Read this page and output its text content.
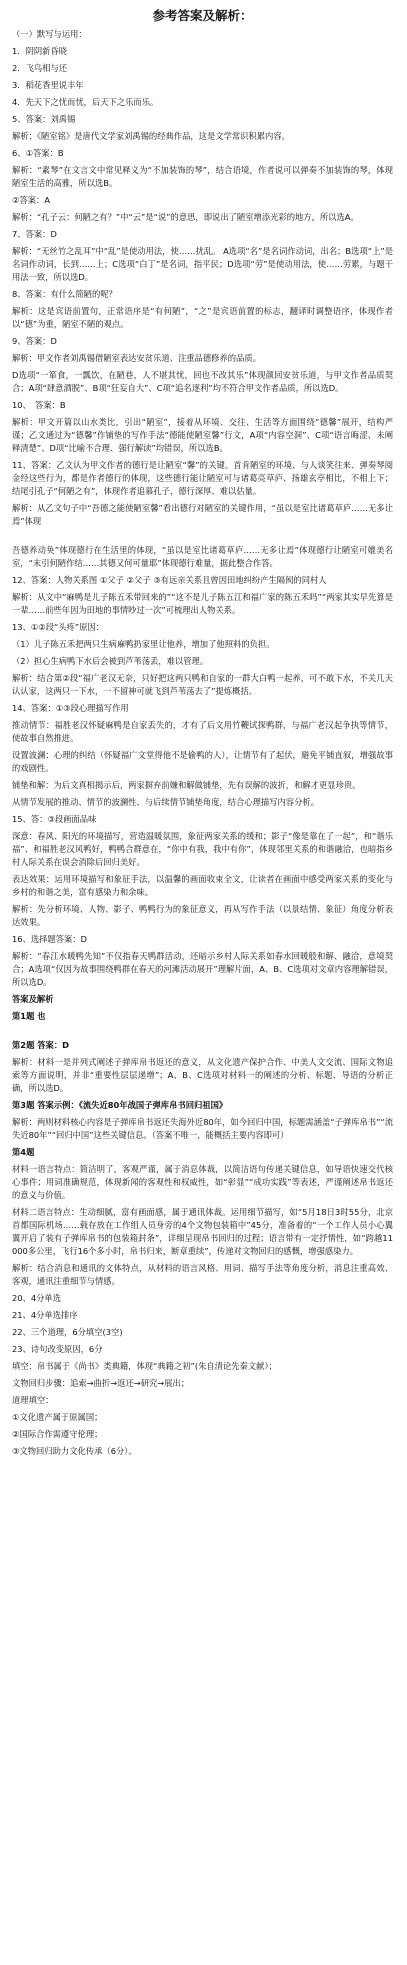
参考答案及解析：

（一）默写与运用：

1．阴阴新昏晓

2．飞鸟相与还

3．稻花香里说丰年

4．先天下之忧而忧，后天下之乐而乐。

5、答案：刘禹锡

解析：《陋室铭》是唐代文学家刘禹锡的经典作品，这是文学常识积累内容。

6、①答案：B

解析：“素琴”在文言文中常见释义为“不加装饰的琴”，结合语境，作者说可以弹奏不加装饰的琴，体现陋室生活的高雅，所以选B。

②答案：A

解析：“孔子云：何陋之有？”中“云”是“说”的意思，即说出了陋室增添光彩的地方，所以选A。

7、答案：D

解析：“无丝竹之乱耳”中“乱”是使动用法，使……扰乱。 A选项“名”是名词作动词，出名；B选项“上”是名词作动词，长到……上；C选项“白丁”是名词，指平民；D选项“劳”是使动用法，使……劳累，与题干用法一致，所以选D。

8、答案：有什么简陋的呢？

解析：这是宾语前置句，正常语序是“有何陋”，“之”是宾语前置的标志，翻译时调整语序，体现作者以“德”为重，陋室不陋的观点。

9、答案：D

解析：甲文作者刘禹锡借陋室表达安贫乐道、注重品德修养的品质。

D选项“一箪食，一瓢饮，在陋巷，人不堪其忧，回也不改其乐”体现颜回安贫乐道，与甲文作者品质契合；A项“肆意酒脱”、B项“狂妄自大”、C项“追名逐利”均不符合甲文作者品质，所以选D。

10、　答案：B

解析：甲文开篇以山水类比，引出“陋室”，接着从环境、交往、生活等方面围绕“德馨”展开，结构严谨；乙文通过为“德馨”作铺垫的写作手法“德能使陋室馨”行文，A项“内容空洞”、C项“语言晦涩、未阐释清楚”、D项“比喻不合理、强行解读”均错误，所以选B。

11、答案：乙文认为甲文作者的德行是让陋室“馨”的关键。首肯陋室的环境、与人谈笑往来、弹奏琴阅金经这些行为，都是作者德行的体现，这些德行能让陋室可与诸葛亮草庐、扬雄玄亭相比，不相上下；结尾引孔子“何陋之有”，体现作者追慕孔子，德行深厚、难以估量。

解析：从乙文句子中“吾德之能使陋室馨”看出德行对陋室的关键作用，“虽以是室比诸葛草庐……无多让焉”体现

吾德养动奂”体现德行在生活里的体现，“虽以是室比诸葛草庐……无多让焉”体现德行让陋室可媲美名室，“末引何陋作结……其德又何可量耶”体现德行难量，据此整合作答。

12、答案：人物关系图 ①父子 ②父子 ③有远亲关系且曾因田地纠纷产生隔阂的同村人

解析：从文中“麻鸭是儿子陈五禾带回来的”“这不是儿子陈五江和福广家的陈五禾吗”“两家其实早先算是一辈……前些年因为田地的事情吵过一次”可梳理出人物关系。

13、①②段“头疼”原因：

（1）儿子陈五禾把两只生病麻鸭扔家里让他养，增加了他照料的负担。

（2）担心生病鸭下水后会被到芦苇荡丢，难以管理。

解析：结合第②段“福广老汉无奈，只好把这两只鸭和自家的一群大白鸭一起养，可不敢下水，不关几天认认家，这两只一下水，一不留神可就飞到芦苇荡去了”提炼概括。

14、答案：①③段心理描写作用

推动情节：福胜老汉怀疑麻鸭是自家丢失的，才有了后文用竹鞭试探鸭群，与福广老汉起争执等情节，使故事自然推进。

设置波澜：心理的纠结（怀疑福广文堂得他不是偷鸭的人），让情节有了起伏，避免平铺直叙，增强故事的戏剧性。

铺垫和解：为后文真相揭示后，两家摒弃前嫌和解做铺垫，先有误解的波折，和解才更显珍贵。

从情节发展的推动、情节的波澜性、与后续情节铺垫角度，结合心理描写内容分析。

15、答：③段画面品味

深意：春风、阳光的环境描写，营造温暖氛围，象征两家关系的缓和；影子“像是靠在了一起”，和“谐乐福”、和福胜老汉风鸭好，鸭鸭合群意在，“你中有我，我中有你”，体现邻里关系的和谐融洽，也暗指乡村人际关系在误会消除后回归美好。

表达效果：运用环境描写和象征手法，以温馨的画面收束全文，让读者在画面中感受两家关系的变化与乡村的和谐之美，富有感染力和余味。

解析：先分析环境、人物、影子、鸭鸭行为的象征意义，再从写作手法（以景结情、象征）角度分析表达效果。

16、选择题答案：D

解析：“春江水暖鸭先知”不仅指春天鸭群活动，还暗示乡村人际关系如春水回暖般和解、融洽，意境契合；A选项“仅因为故事围绕鸭群在春天的河滩活动展开”理解片面，A、B、C选项对文章内容理解错误，所以选D。

答案及解析

第1题 也

第2题 答案：D

解析：材料一是并列式阐述子弹库帛书返还的意义，从文化遗产保护合作、中美人文交流、国际文物追索等方面说明，并非“重要性层层递增”；A、B、C选项对材料一的阐述的分析、标题、导语的分析正确，所以选D。

第3题 答案示例：《流失近80年战国子弹库帛书回归祖国》

解析：两则材料核心内容是子弹库帛书返还失海外近80年，如今回归中国，标题需涵盖“子弹库帛书”“流失近80年”“回归中国”这些关键信息。（答案不唯一，能概括主要内容即可）

第4题

材料一语言特点：简洁明了，客观严谨，属于消息体裁，以简洁语句传递关键信息，如导语快速交代核心事件；用词准确规范，体现新闻的客观性和权威性，如“彰显”“成功实践”等表述，严谨阐述帛书返还的意义与价值。

材料二语言特点：生动细腻，富有画面感，属于通讯体裁。运用细节描写，如“5月18日3时55分，北京首都国际机场……载存放在工作组人员身旁的4个文物包装箱中”45分，准备着的“一个工作人员小心翼翼开启了装有子弹库帛书的包装箱封条”，详细呈现帛书回归的过程；语言带有一定抒情性，如“跨越11000多公里，飞行16个多小时，帛书归来，断章重续”，传递对文物回归的感慨，增强感染力。

解析：结合消息和通讯的文体特点，从材料的语言风格、用词、描写手法等角度分析，消息注重高效、客观，通讯注重细节与情感。

20、4分单选

21、4分单选排序

22、三个道理，6分填空(3空)

23、诗句改变原因，6分

填空：帛书属于《尚书》类典籍，体现“典籍之初”(朱自清论先秦文献）；

文物回归步骤：追索→曲折→返还→研究→展出；

道理填空：

①文化遗产属于原属国；

②国际合作需遵守伦理；

③文物回归助力文化传承（6分）。
